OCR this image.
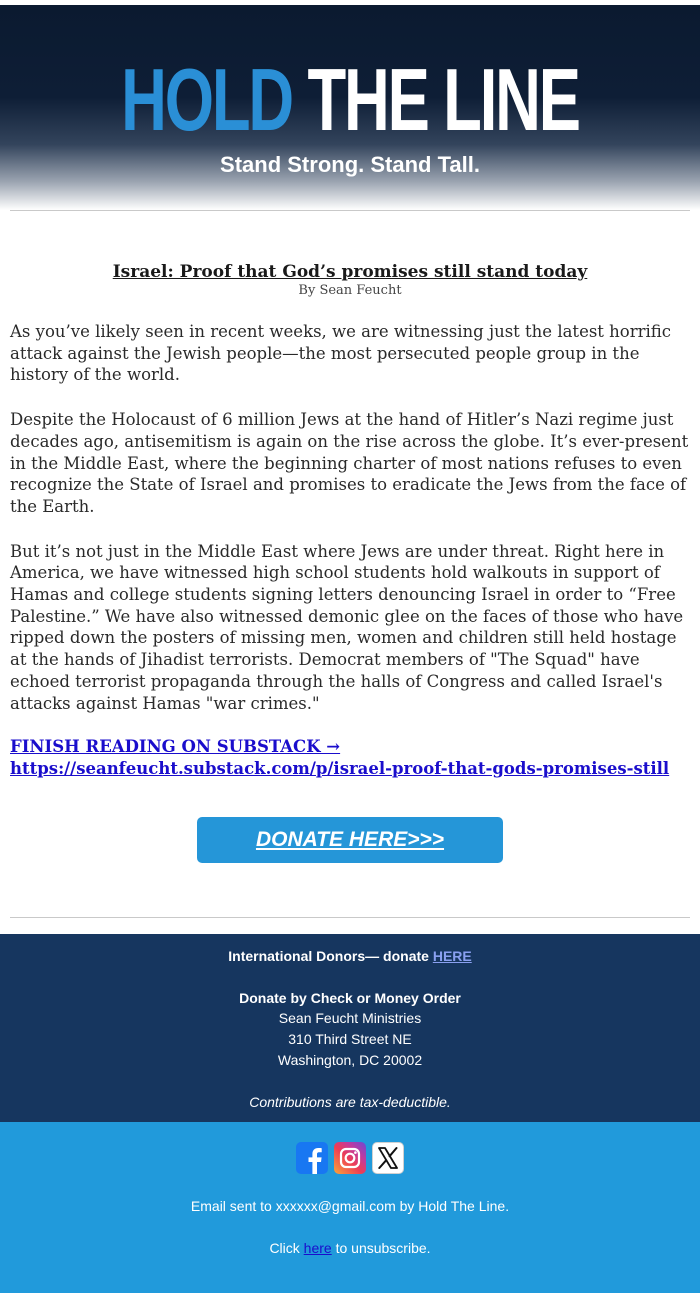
HOLD THE LINE
Stand Strong. Stand Tall.
Israel: Proof that God’s promises still stand today
By Sean Feucht

As you’ve likely seen in recent weeks, we are witnessing just the latest horrific attack against the Jewish people—the most persecuted people group in the history of the world.

Despite the Holocaust of 6 million Jews at the hand of Hitler’s Nazi regime just decades ago, antisemitism is again on the rise across the globe. It’s ever-present in the Middle East, where the beginning charter of most nations refuses to even recognize the State of Israel and promises to eradicate the Jews from the face of the Earth.

But it’s not just in the Middle East where Jews are under threat. Right here in America, we have witnessed high school students hold walkouts in support of Hamas and college students signing letters denouncing Israel in order to “Free Palestine.” We have also witnessed demonic glee on the faces of those who have ripped down the posters of missing men, women and children still held hostage at the hands of Jihadist terrorists. Democrat members of "The Squad" have echoed terrorist propaganda through the halls of Congress and called Israel's attacks against Hamas "war crimes."

FINISH READING ON SUBSTACK → https://seanfeucht.substack.com/p/israel-proof-that-gods-promises-still
DONATE HERE>>>
International Donors— donate HERE
Donate by Check or Money Order
Sean Feucht Ministries
310 Third Street NE
Washington, DC 20002
Contributions are tax-deductible.

Email sent to xxxxxx@gmail.com by Hold The Line.
Click here to unsubscribe.
